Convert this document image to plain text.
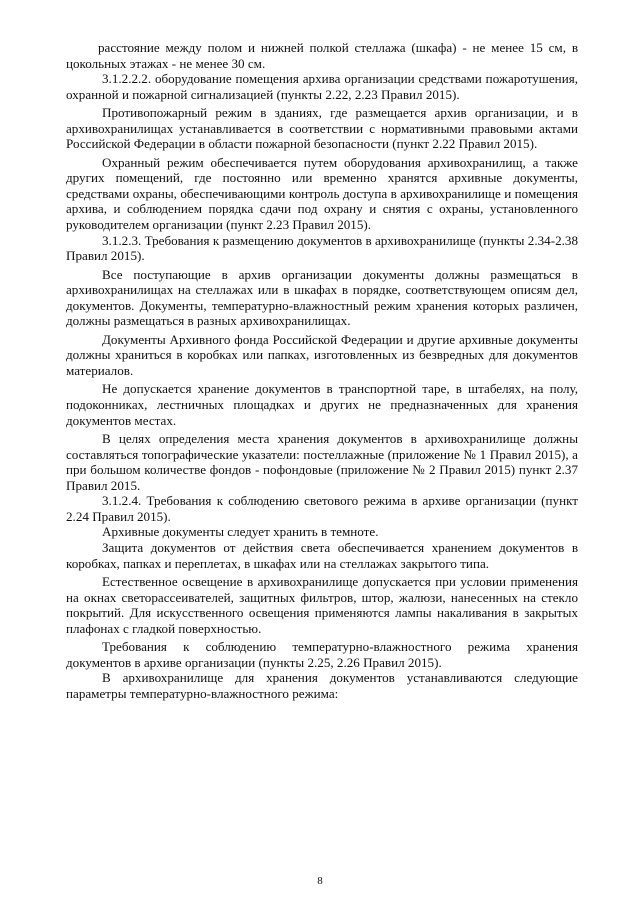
расстояние между полом и нижней полкой стеллажа (шкафа) - не менее 15 см, в цокольных этажах - не менее 30 см.

3.1.2.2.2. оборудование помещения архива организации средствами пожаротушения, охранной и пожарной сигнализацией (пункты 2.22, 2.23 Правил 2015).

Противопожарный режим в зданиях, где размещается архив организации, и в архивохранилищах устанавливается в соответствии с нормативными правовыми актами Российской Федерации в области пожарной безопасности (пункт 2.22 Правил 2015).

Охранный режим обеспечивается путем оборудования архивохранилищ, а также других помещений, где постоянно или временно хранятся архивные документы, средствами охраны, обеспечивающими контроль доступа в архивохранилище и помещения архива, и соблюдением порядка сдачи под охрану и снятия с охраны, установленного руководителем организации (пункт 2.23 Правил 2015).

3.1.2.3. Требования к размещению документов в архивохранилище (пункты 2.34-2.38 Правил 2015).

Все поступающие в архив организации документы должны размещаться в архивохранилищах на стеллажах или в шкафах в порядке, соответствующем описям дел, документов. Документы, температурно-влажностный режим хранения которых различен, должны размещаться в разных архивохранилищах.

Документы Архивного фонда Российской Федерации и другие архивные документы должны храниться в коробках или папках, изготовленных из безвредных для документов материалов.

Не допускается хранение документов в транспортной таре, в штабелях, на полу, подоконниках, лестничных площадках и других не предназначенных для хранения документов местах.

В целях определения места хранения документов в архивохранилище должны составляться топографические указатели: постеллажные (приложение № 1 Правил 2015), а при большом количестве фондов - пофондовые (приложение № 2 Правил 2015) пункт 2.37 Правил 2015.

3.1.2.4. Требования к соблюдению светового режима в архиве организации (пункт 2.24 Правил 2015).

Архивные документы следует хранить в темноте.

Защита документов от действия света обеспечивается хранением документов в коробках, папках и переплетах, в шкафах или на стеллажах закрытого типа.

Естественное освещение в архивохранилище допускается при условии применения на окнах светорассеивателей, защитных фильтров, штор, жалюзи, нанесенных на стекло покрытий. Для искусственного освещения применяются лампы накаливания в закрытых плафонах с гладкой поверхностью.

Требования к соблюдению температурно-влажностного режима хранения документов в архиве организации (пункты 2.25, 2.26 Правил 2015).

В архивохранилище для хранения документов устанавливаются следующие параметры температурно-влажностного режима:

8
